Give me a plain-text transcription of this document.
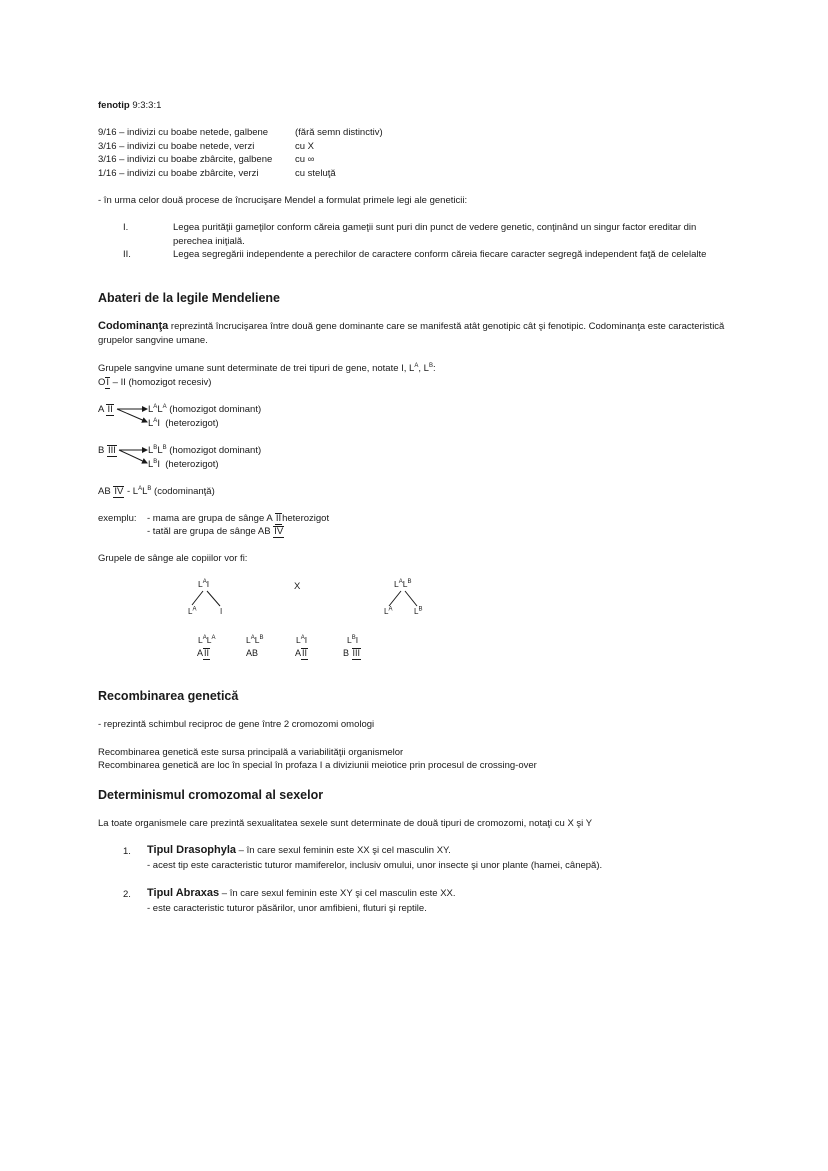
fenotip 9:3:3:1
9/16 – indivizi cu boabe netede, galbene	(fără semn distinctiv)
3/16 – indivizi cu boabe netede, verzi	cu X
3/16 – indivizi cu boabe zbârcite, galbene cu ∞
1/16 – indivizi cu boabe zbârcite, verzi	cu steluţă
- în urma celor două procese de încrucişare Mendel a formulat primele legi ale geneticii:
I.	Legea purităţii gameţilor conform căreia gameţii sunt puri din punct de vedere genetic, conţinând un singur factor ereditar din perechea iniţială.
II.	Legea segregării independente a perechilor de caractere conform căreia fiecare caracter segregă independent faţă de celelalte
Abateri de la legile Mendeliene
Codominanţa reprezintă încrucişarea între două gene dominante care se manifestă atât genotipic cât şi fenotipic. Codominanţa este caracteristică grupelor sangvine umane.
Grupele sangvine umane sunt determinate de trei tipuri de gene, notate I, $L^A$, $L^B$:
OI – II (homozigot recesiv)
A II	$L^AL^A$ (homozigot dominant)
$L^AI$ (heterozigot)
B III	$L^BL^B$ (homozigot dominant)
$L^BI$ (heterozigot)
AB IV - $L^AL^B$ (codominanţă)
exemplu: - mama are grupa de sânge A IIheterozigot
- tatăl are grupa de sânge AB IV
Grupele de sânge ale copiilor vor fi:
$L^AI$	X	$L^AL^B$
$L^A$	I	$L^A$	$L^B$
$L^AL^A$
AII
$L^AL^B$
AB
$L^AI$
AII
$L^BI$
B III
Recombinarea genetică
- reprezintă schimbul reciproc de gene între 2 cromozomi omologi
Recombinarea genetică este sursa principală a variabilităţii organismelor
Recombinarea genetică are loc în special în profaza I a diviziunii meiotice prin procesul de crossing-over
Determinismul cromozomal al sexelor
La toate organismele care prezintă sexualitatea sexele sunt determinate de două tipuri de cromozomi, notaţi cu X şi Y
1. Tipul Drasophyla – în care sexul feminin este XX şi cel masculin XY.
- acest tip este caracteristic tuturor mamiferelor, inclusiv omului, unor insecte şi unor plante (hamei, cânepă).
2. Tipul Abraxas – în care sexul feminin este XY şi cel masculin este XX.
- este caracteristic tuturor păsărilor, unor amfibieni, fluturi şi reptile.
